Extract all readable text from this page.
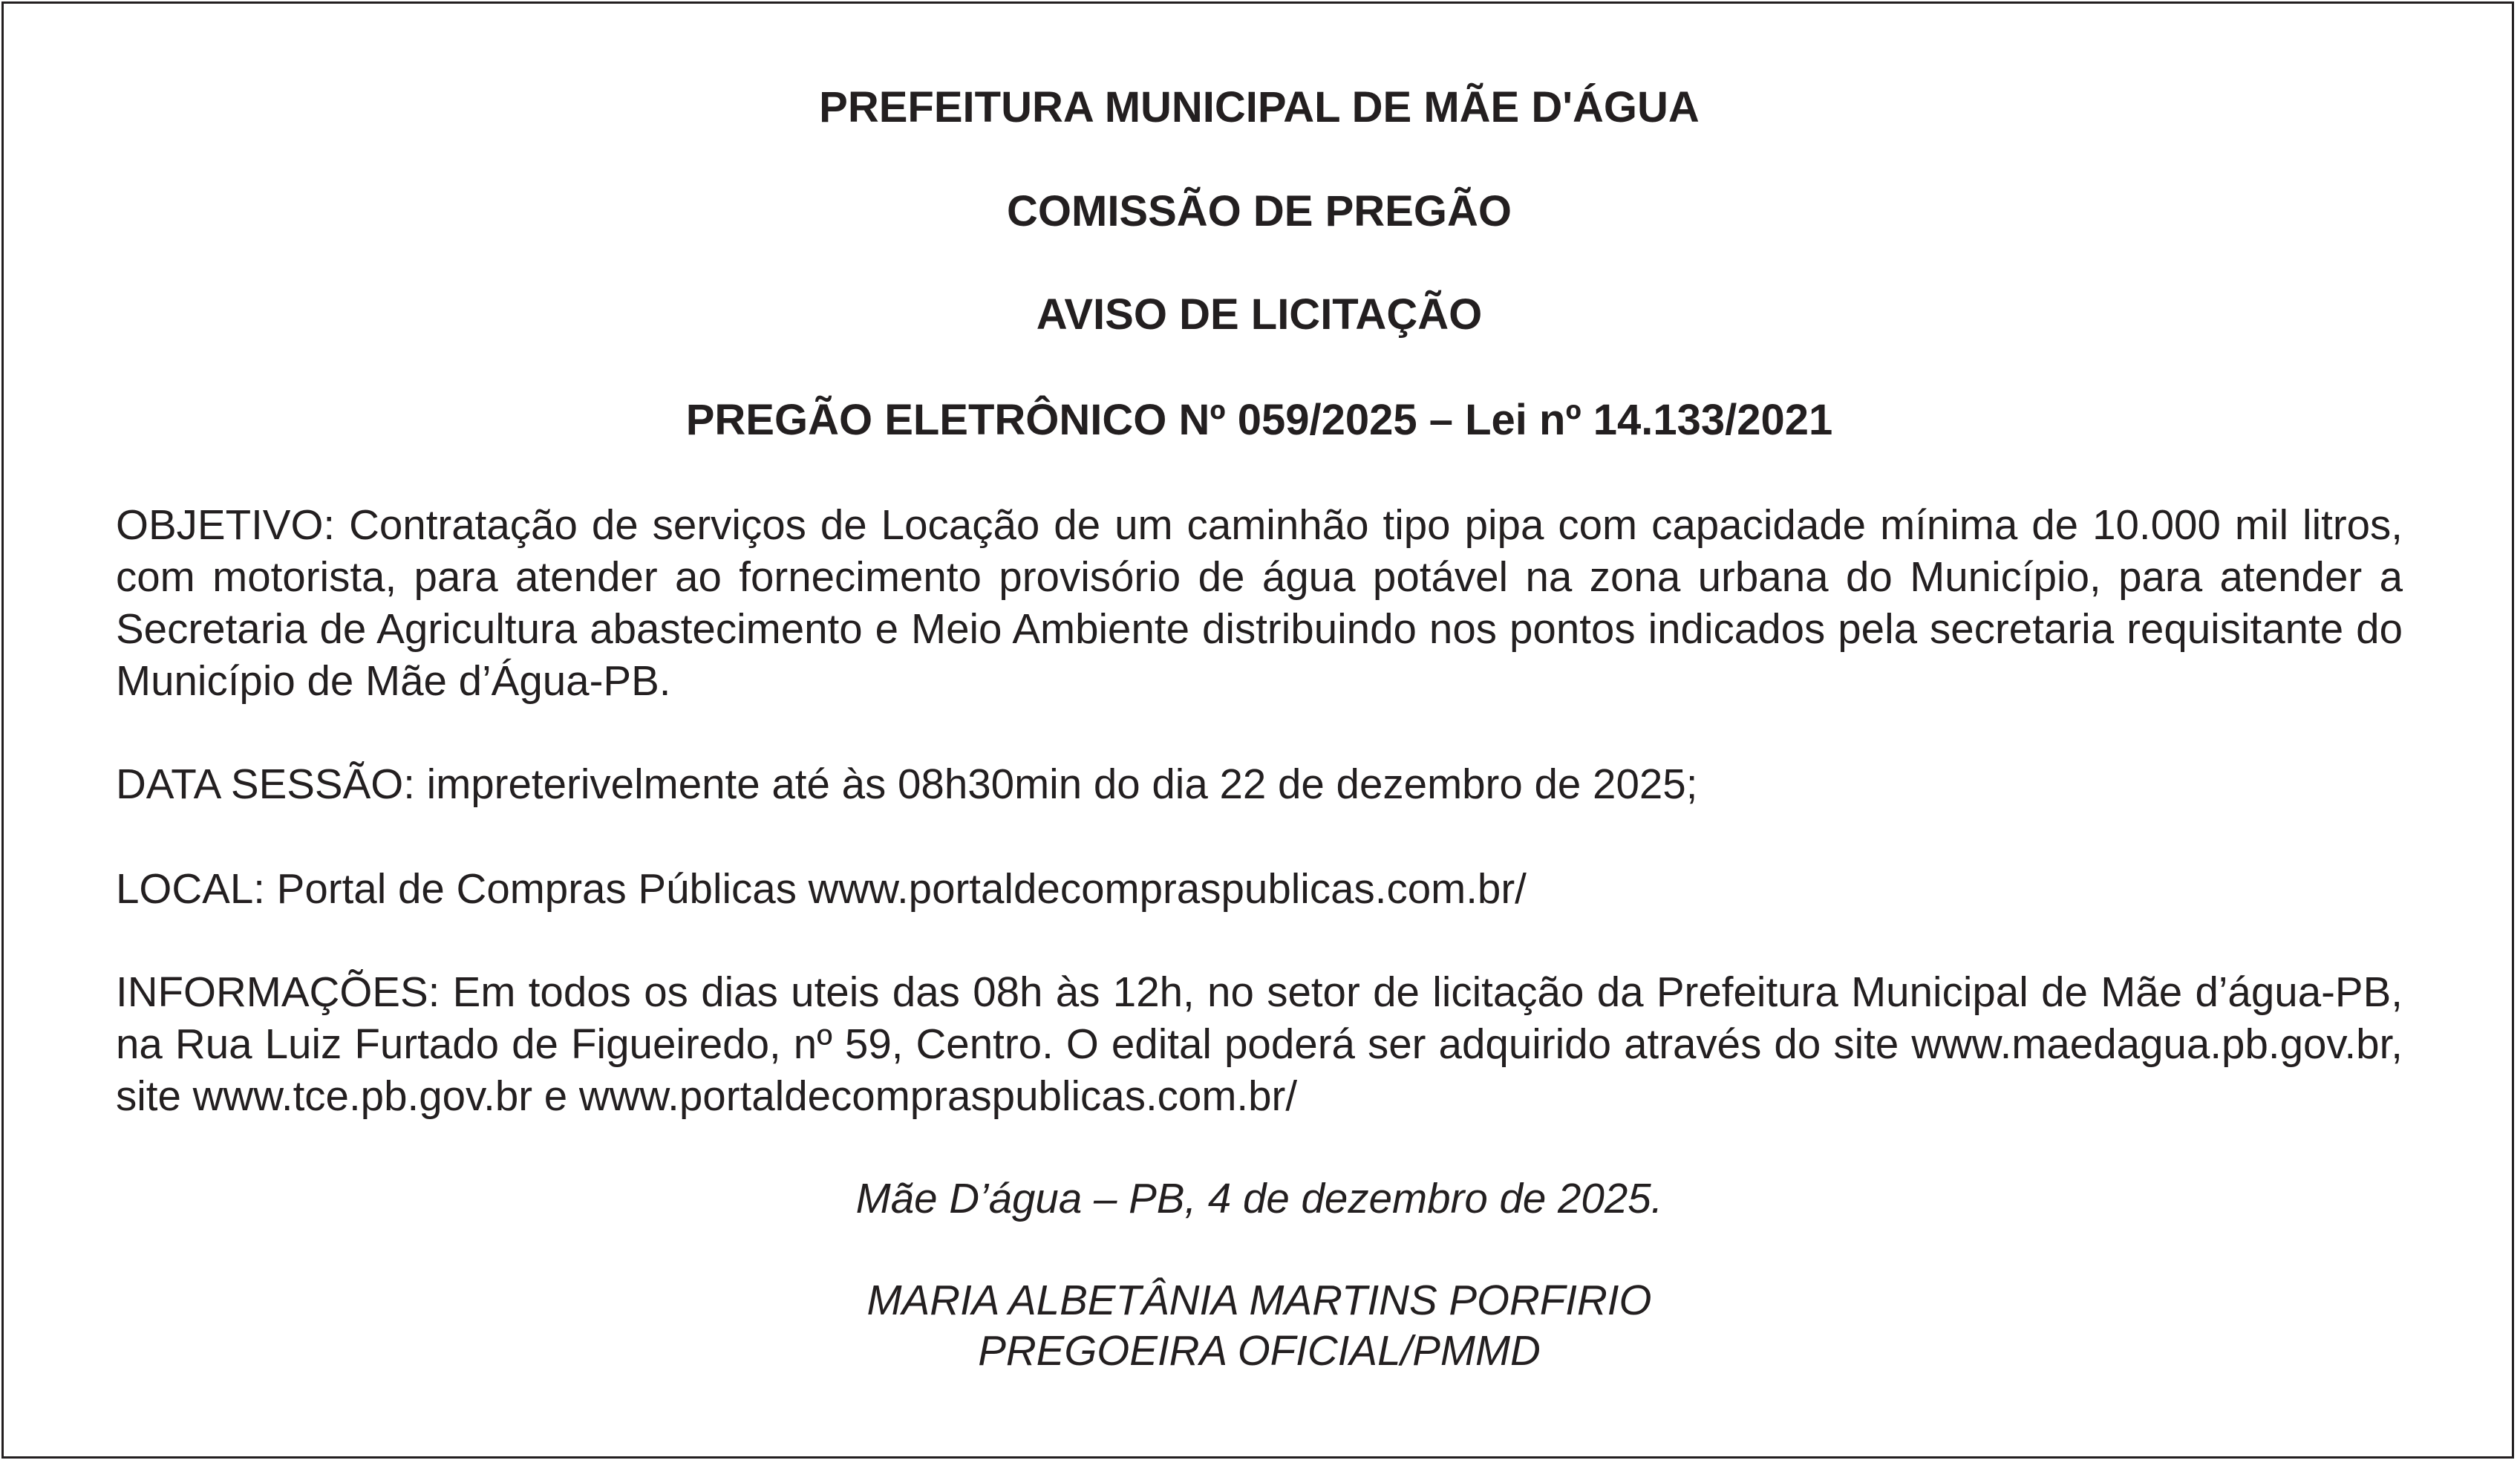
PREFEITURA MUNICIPAL DE MÃE D'ÁGUA
COMISSÃO DE PREGÃO
AVISO DE LICITAÇÃO
PREGÃO ELETRÔNICO Nº 059/2025 – Lei nº 14.133/2021
OBJETIVO: Contratação de serviços de Locação de um caminhão tipo pipa com capacidade mínima de 10.000 mil litros, com motorista, para atender ao fornecimento provisório de água potável na zona urbana do Município, para atender a Secretaria de Agricultura abastecimento e Meio Ambiente distribuindo nos pontos indicados pela secretaria requisitante do Município de Mãe d’Água-PB.
DATA SESSÃO: impreterivelmente até às 08h30min do dia 22 de dezembro de 2025;
LOCAL: Portal de Compras Públicas www.portaldecompraspublicas.com.br/
INFORMAÇÕES: Em todos os dias uteis das 08h às 12h, no setor de licitação da Prefeitura Municipal de Mãe d’água-PB, na Rua Luiz Furtado de Figueiredo, nº 59, Centro. O edital poderá ser adquirido através do site www.maedagua.pb.gov.br, site www.tce.pb.gov.br e www.portaldecompraspublicas.com.br/
Mãe D’água – PB, 4 de dezembro de 2025.
MARIA ALBETÂNIA MARTINS PORFIRIO
PREGOEIRA OFICIAL/PMMD
